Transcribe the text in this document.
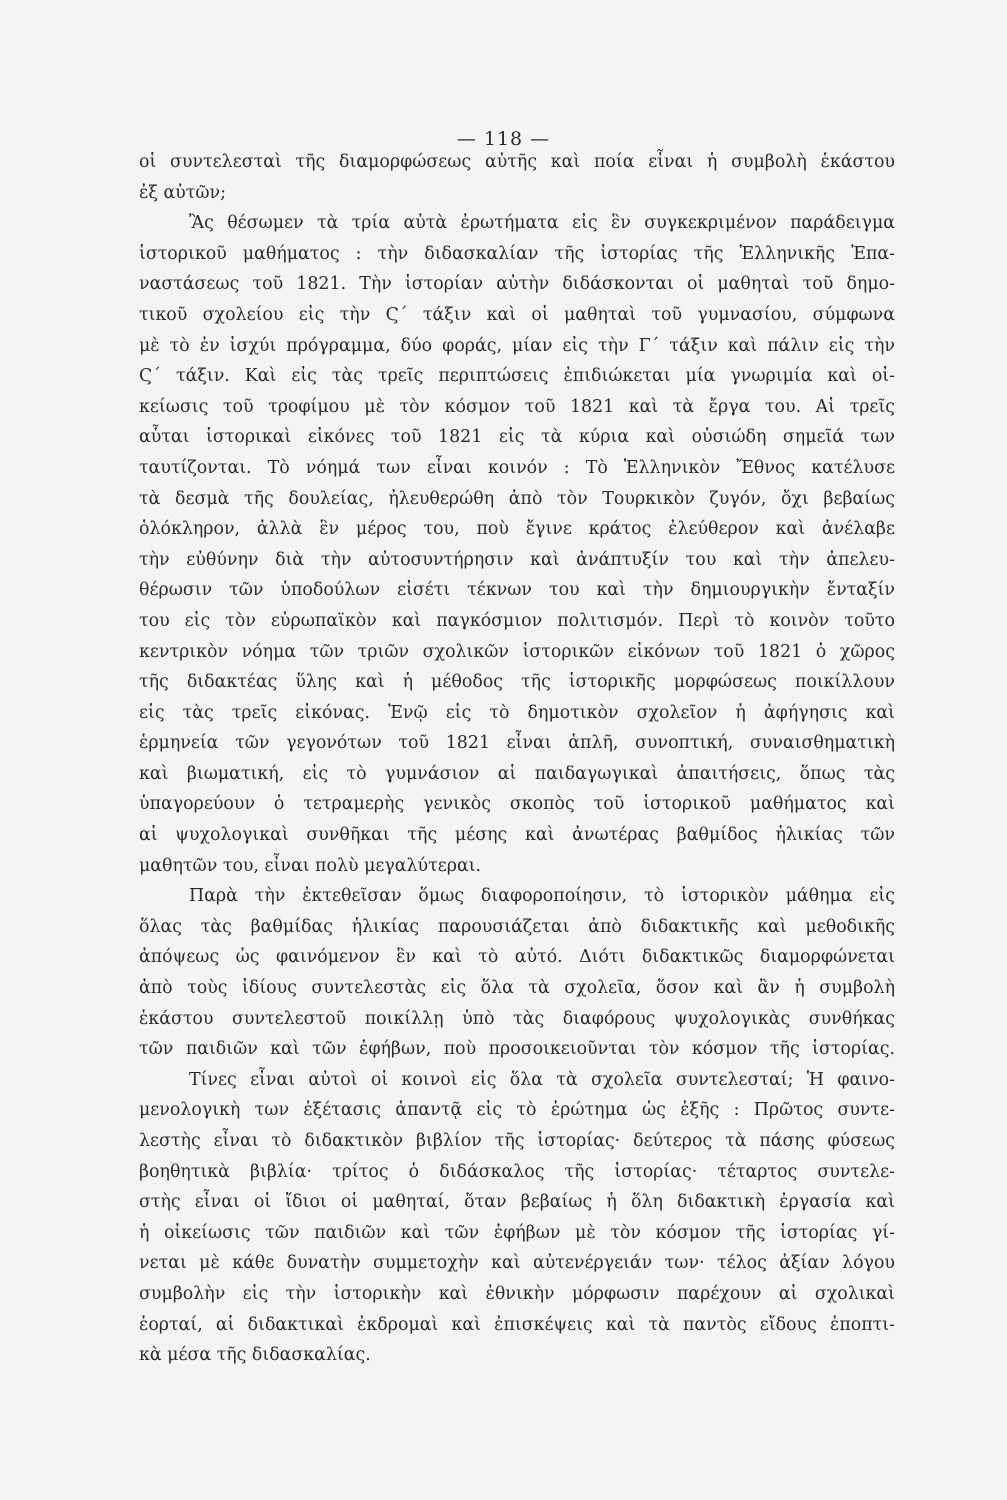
— 118 —
οἱ συντελεσταὶ τῆς διαμορφώσεως αὐτῆς καὶ ποία εἶναι ἡ συμβολὴ ἑκάστου
ἐξ αὐτῶν;
Ἂς θέσωμεν τὰ τρία αὐτὰ ἐρωτήματα εἰς ἓν συγκεκριμένον παράδειγμα
ἱστορικοῦ μαθήματος : τὴν διδασκαλίαν τῆς ἱστορίας τῆς Ἑλληνικῆς Ἐπα-
ναστάσεως τοῦ 1821. Τὴν ἱστορίαν αὐτὴν διδάσκονται οἱ μαθηταὶ τοῦ δημο-
τικοῦ σχολείου εἰς τὴν Ϛ΄ τάξιν καὶ οἱ μαθηταὶ τοῦ γυμνασίου, σύμφωνα
μὲ τὸ ἐν ἰσχύι πρόγραμμα, δύο φοράς, μίαν εἰς τὴν Γ΄ τάξιν καὶ πάλιν εἰς τὴν
Ϛ΄ τάξιν. Καὶ εἰς τὰς τρεῖς περιπτώσεις ἐπιδιώκεται μία γνωριμία καὶ οἰ-
κείωσις τοῦ τροφίμου μὲ τὸν κόσμον τοῦ 1821 καὶ τὰ ἔργα του. Αἱ τρεῖς
αὗται ἱστορικαὶ εἰκόνες τοῦ 1821 εἰς τὰ κύρια καὶ οὐσιώδη σημεῖά των
ταυτίζονται. Τὸ νόημά των εἶναι κοινόν : Τὸ Ἑλληνικὸν Ἔθνος κατέλυσε
τὰ δεσμὰ τῆς δουλείας, ἠλευθερώθη ἀπὸ τὸν Τουρκικὸν ζυγόν, ὄχι βεβαίως
ὁλόκληρον, ἀλλὰ ἓν μέρος του, ποὺ ἔγινε κράτος ἐλεύθερον καὶ ἀνέλαβε
τὴν εὐθύνην διὰ τὴν αὐτοσυντήρησιν καὶ ἀνάπτυξίν του καὶ τὴν ἀπελευ-
θέρωσιν τῶν ὑποδούλων εἰσέτι τέκνων του καὶ τὴν δημιουργικὴν ἔνταξίν
του εἰς τὸν εὐρωπαϊκὸν καὶ παγκόσμιον πολιτισμόν. Περὶ τὸ κοινὸν τοῦτο
κεντρικὸν νόημα τῶν τριῶν σχολικῶν ἱστορικῶν εἰκόνων τοῦ 1821 ὁ χῶρος
τῆς διδακτέας ὕλης καὶ ἡ μέθοδος τῆς ἱστορικῆς μορφώσεως ποικίλλουν
εἰς τὰς τρεῖς εἰκόνας. Ἐνῷ εἰς τὸ δημοτικὸν σχολεῖον ἡ ἀφήγησις καὶ
ἑρμηνεία τῶν γεγονότων τοῦ 1821 εἶναι ἁπλῆ, συνοπτική, συναισθηματικὴ
καὶ βιωματική, εἰς τὸ γυμνάσιον αἱ παιδαγωγικαὶ ἀπαιτήσεις, ὅπως τὰς
ὑπαγορεύουν ὁ τετραμερὴς γενικὸς σκοπὸς τοῦ ἱστορικοῦ μαθήματος καὶ
αἱ ψυχολογικαὶ συνθῆκαι τῆς μέσης καὶ ἀνωτέρας βαθμίδος ἡλικίας τῶν
μαθητῶν του, εἶναι πολὺ μεγαλύτεραι.
Παρὰ τὴν ἐκτεθεῖσαν ὅμως διαφοροποίησιν, τὸ ἱστορικὸν μάθημα εἰς
ὅλας τὰς βαθμίδας ἡλικίας παρουσιάζεται ἀπὸ διδακτικῆς καὶ μεθοδικῆς
ἀπόψεως ὡς φαινόμενον ἓν καὶ τὸ αὐτό. Διότι διδακτικῶς διαμορφώνεται
ἀπὸ τοὺς ἰδίους συντελεστὰς εἰς ὅλα τὰ σχολεῖα, ὅσον καὶ ἂν ἡ συμβολὴ
ἑκάστου συντελεστοῦ ποικίλλῃ ὑπὸ τὰς διαφόρους ψυχολογικὰς συνθήκας
τῶν παιδιῶν καὶ τῶν ἐφήβων, ποὺ προσοικειοῦνται τὸν κόσμον τῆς ἱστορίας.
Τίνες εἶναι αὐτοὶ οἱ κοινοὶ εἰς ὅλα τὰ σχολεῖα συντελεσταί; Ἡ φαινο-
μενολογικὴ των ἐξέτασις ἀπαντᾷ εἰς τὸ ἐρώτημα ὡς ἑξῆς : Πρῶτος συντε-
λεστὴς εἶναι τὸ διδακτικὸν βιβλίον τῆς ἱστορίας· δεύτερος τὰ πάσης φύσεως
βοηθητικὰ βιβλία· τρίτος ὁ διδάσκαλος τῆς ἱστορίας· τέταρτος συντελε-
στὴς εἶναι οἱ ἴδιοι οἱ μαθηταί, ὅταν βεβαίως ἡ ὅλη διδακτικὴ ἐργασία καὶ
ἡ οἰκείωσις τῶν παιδιῶν καὶ τῶν ἐφήβων μὲ τὸν κόσμον τῆς ἱστορίας γί-
νεται μὲ κάθε δυνατὴν συμμετοχὴν καὶ αὐτενέργειάν των· τέλος ἀξίαν λόγου
συμβολὴν εἰς τὴν ἱστορικὴν καὶ ἐθνικὴν μόρφωσιν παρέχουν αἱ σχολικαὶ
ἑορταί, αἱ διδακτικαὶ ἐκδρομαὶ καὶ ἐπισκέψεις καὶ τὰ παντὸς εἴδους ἐποπτι-
κὰ μέσα τῆς διδασκαλίας.
